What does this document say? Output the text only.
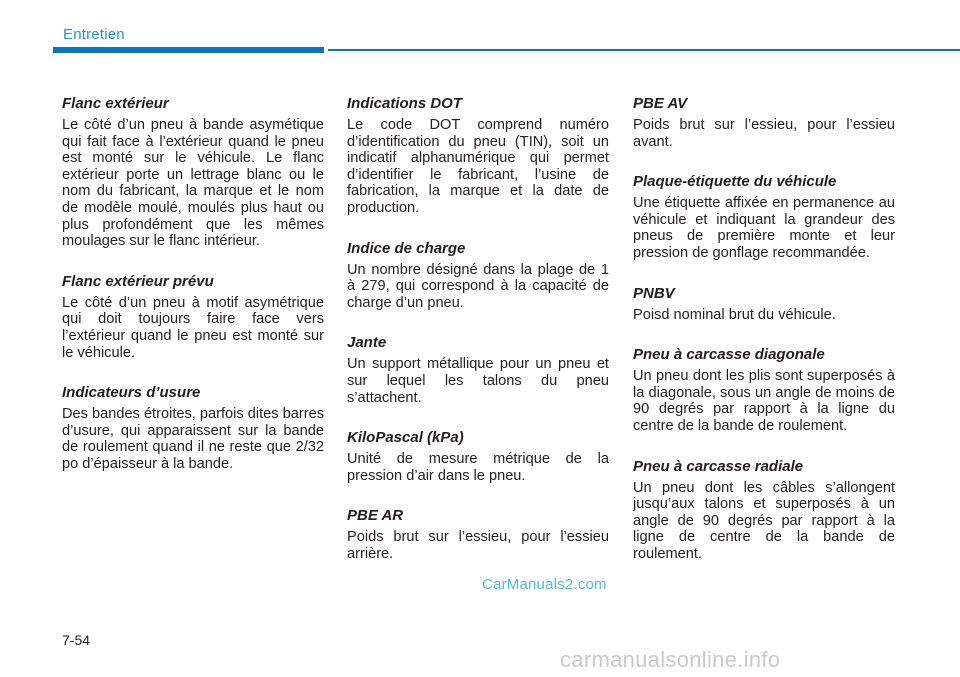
Entretien

Flanc extérieur

Le côté d’un pneu à bande asymétique qui fait face à l’extérieur quand le pneu est monté sur le véhicule. Le flanc extérieur porte un lettrage blanc ou le nom du fabricant, la marque et le nom de modèle moulé, moulés plus haut ou plus profondément que les mêmes moulages sur le flanc intérieur.

Flanc extérieur prévu

Le côté d’un pneu à motif asymétrique qui doit toujours faire face vers l’extérieur quand le pneu est monté sur le véhicule.

Indicateurs d’usure

Des bandes étroites, parfois dites barres d’usure, qui apparaissent sur la bande de roulement quand il ne reste que 2/32 po d’épaisseur à la bande.

Indications DOT

Le code DOT comprend numéro d’identification du pneu (TIN), soit un indicatif alphanumérique qui permet d’identifier le fabricant, l’usine de fabrication, la marque et la date de production.

Indice de charge

Un nombre désigné dans la plage de 1 à 279, qui correspond à la capacité de charge d’un pneu.

Jante

Un support métallique pour un pneu et sur lequel les talons du pneu s’attachent.

KiloPascal (kPa)

Unité de mesure métrique de la pression d’air dans le pneu.

PBE AR

Poids brut sur l’essieu, pour l’essieu arrière.

PBE AV

Poids brut sur l’essieu, pour l’essieu avant.

Plaque-étiquette du véhicule

Une étiquette affixée en permanence au véhicule et indiquant la grandeur des pneus de première monte et leur pression de gonflage recommandée.

PNBV

Poisd nominal brut du véhicule.

Pneu à carcasse diagonale

Un pneu dont les plis sont superposés à la diagonale, sous un angle de moins de 90 degrés par rapport à la ligne du centre de la bande de roulement.

Pneu à carcasse radiale

Un pneu dont les câbles s’allongent jusqu’aux talons et superposés à un angle de 90 degrés par rapport à la ligne de centre de la bande de roulement.

7-54
CarManuals2.com
carmanualsonline.info
